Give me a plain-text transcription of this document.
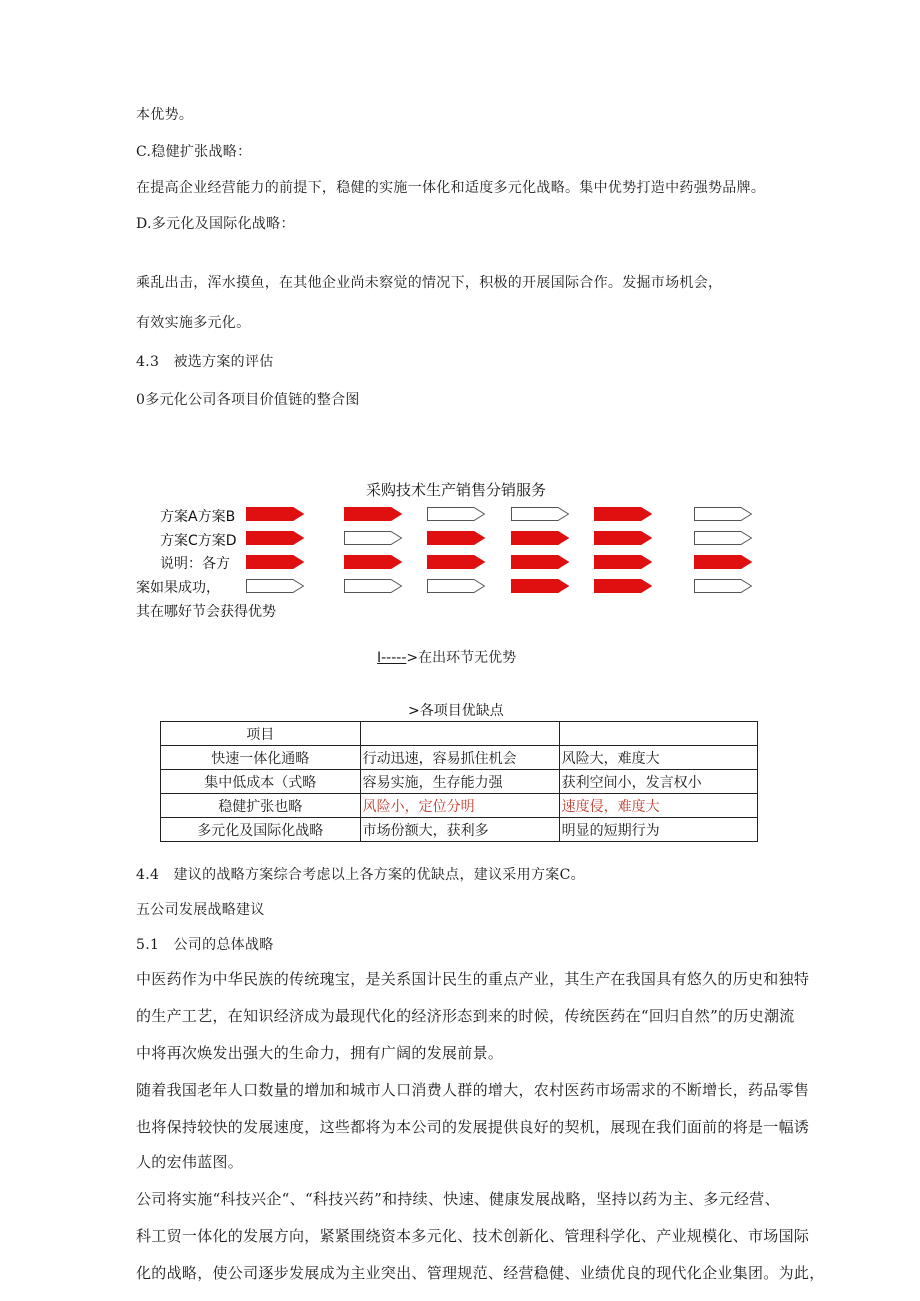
本优势。
C.稳健扩张战略：
在提高企业经营能力的前提下，稳健的实施一体化和适度多元化战略。集中优势打造中药强势品牌。
D.多元化及国际化战略：
乘乱出击，浑水摸鱼，在其他企业尚未察觉的情况下，积极的开展国际合作。发掘市场机会，
有效实施多元化。
4.3　被选方案的评估
0多元化公司各项目价值链的整合图
采购技术生产销售分销服务
方案A方案B
方案C方案D
说明：各方
案如果成功，
其在哪好节会获得优势
I----->在出环节无优势
>各项目优缺点
项目		
快速一体化通略	行动迅速，容易抓住机会	风险大，难度大
集中低成本（式略	容易实施，生存能力强	获利空间小，发言权小
稳健扩张也略	风险小，定位分明	速度侵，难度大
多元化及国际化战略	市场份额大，获利多	明显的短期行为
4.4　建议的战略方案综合考虑以上各方案的优缺点，建议采用方案C。
五公司发展战略建议
5.1　公司的总体战略
中医药作为中华民族的传统瑰宝，是关系国计民生的重点产业，其生产在我国具有悠久的历史和独特
的生产工艺，在知识经济成为最现代化的经济形态到来的时候，传统医药在“回归自然”的历史潮流
中将再次焕发出强大的生命力，拥有广阔的发展前景。
随着我国老年人口数量的增加和城市人口消费人群的增大，农村医药市场需求的不断增长，药品零售
也将保持较快的发展速度，这些都将为本公司的发展提供良好的契机，展现在我们面前的将是一幅诱
人的宏伟蓝图。
公司将实施“科技兴企“、“科技兴药”和持续、快速、健康发展战略，坚持以药为主、多元经营、
科工贸一体化的发展方向，紧紧围绕资本多元化、技术创新化、管理科学化、产业规模化、市场国际
化的战略，使公司逐步发展成为主业突出、管理规范、经营稳健、业绩优良的现代化企业集团。为此，
